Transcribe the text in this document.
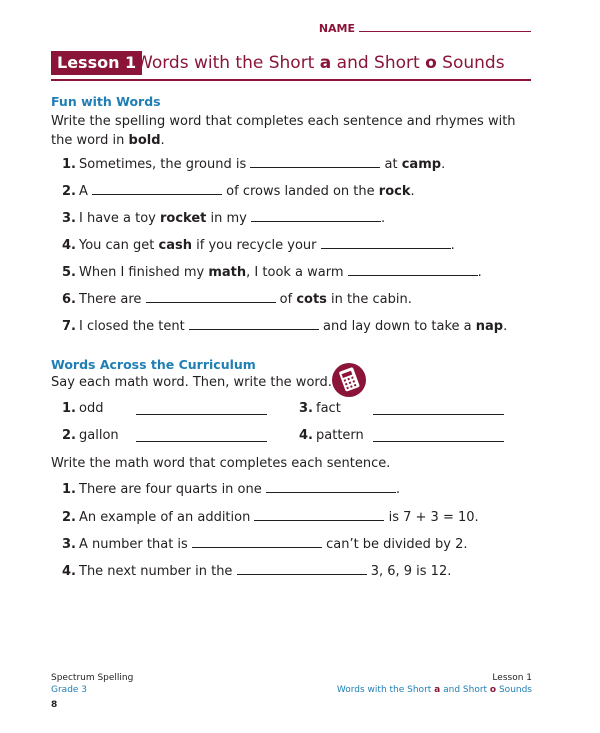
NAME
Lesson 1 Words with the Short a and Short o Sounds
Fun with Words
Write the spelling word that completes each sentence and rhymes with
the word in bold.
1. Sometimes, the ground is	at camp.
2. A	of crows landed on the rock.
3. I have a toy rocket in my	.
4. You can get cash if you recycle your	.
5. When I finished my math, I took a warm	.
6. There are	of cots in the cabin.
7. I closed the tent	and lay down to take a nap.
Words Across the Curriculum
Say each math word. Then, write the word.
1. odd	3. fact
2. gallon	4. pattern
Write the math word that completes each sentence.
1. There are four quarts in one	.
2. An example of an addition	is 7 + 3 = 10.
3. A number that is	can’t be divided by 2.
4. The next number in the	3, 6, 9 is 12.
Spectrum Spelling
Grade 3
8
Lesson 1
Words with the Short a and Short o Sounds
